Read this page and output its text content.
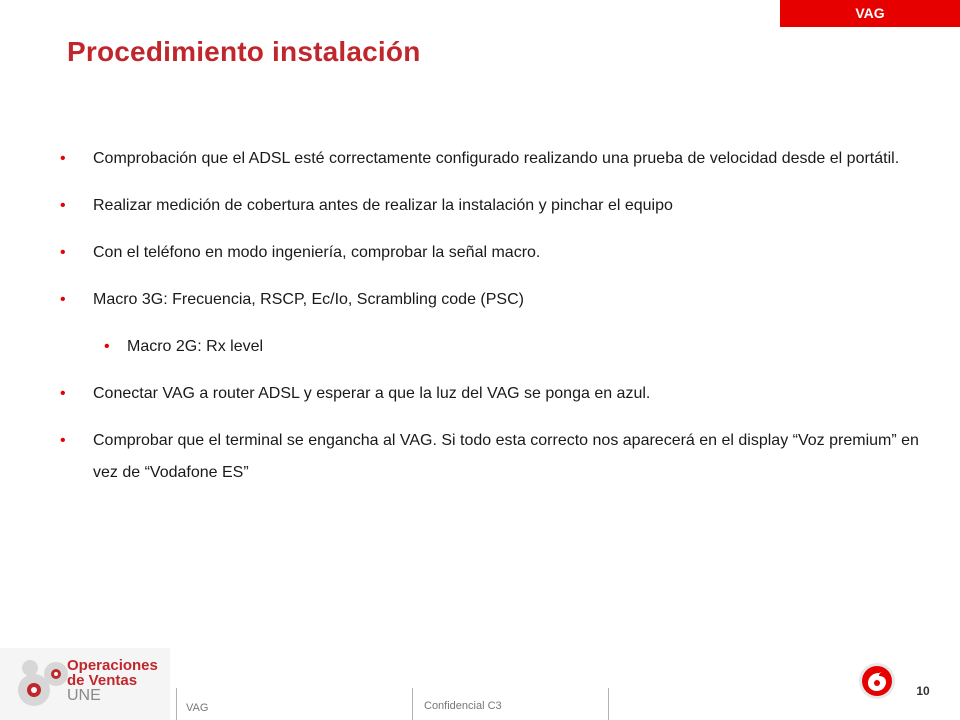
VAG
Procedimiento instalación
• Comprobación que el ADSL esté correctamente configurado realizando una prueba de velocidad desde el portátil.
• Realizar medición de cobertura antes de realizar la instalación y pinchar el equipo
• Con el teléfono en modo ingeniería, comprobar la señal macro.
• Macro 3G: Frecuencia, RSCP, Ec/Io, Scrambling code (PSC)
• Macro 2G: Rx level
• Conectar VAG a router ADSL y esperar a que la luz del VAG se ponga en azul.
• Comprobar que el terminal se engancha al VAG. Si todo esta correcto nos aparecerá en el display “Voz premium” en vez de “Vodafone ES”
Operaciones
de Ventas
UNE
VAG	Confidencial C3
10
